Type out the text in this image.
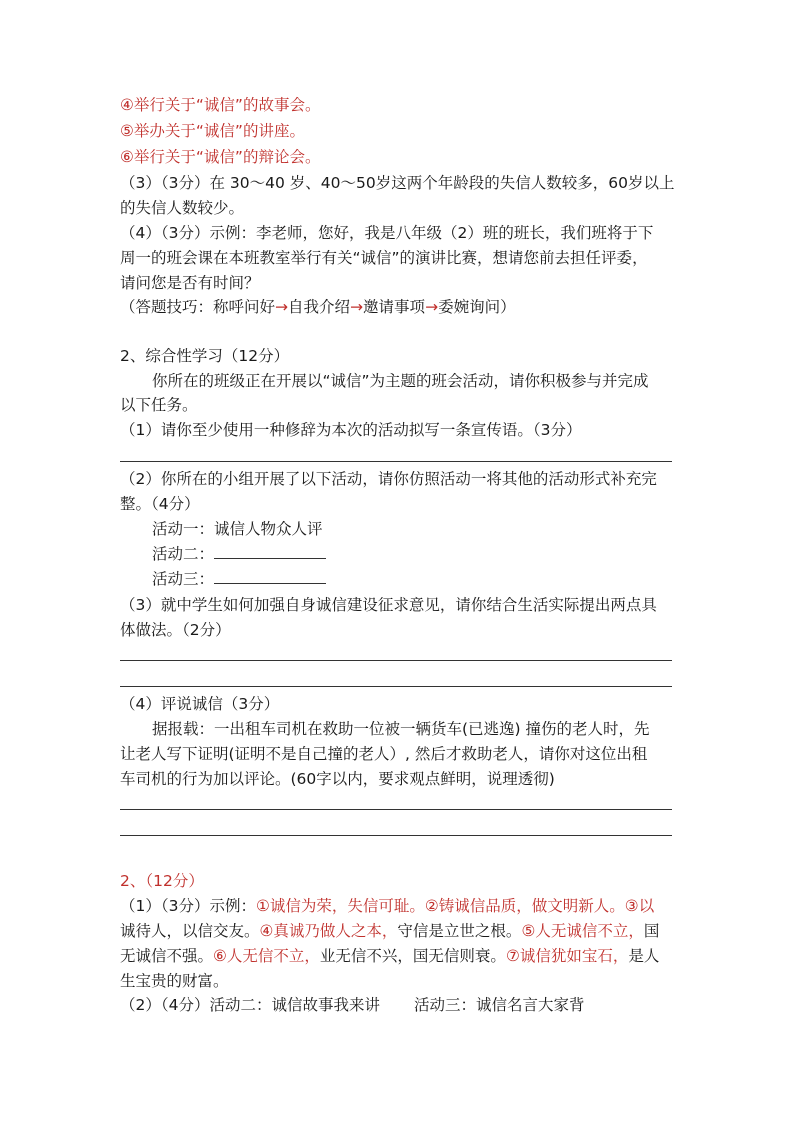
④举行关于“诚信”的故事会。
⑤举办关于“诚信”的讲座。
⑥举行关于“诚信”的辩论会。
（3）（3分）在 30～40 岁、40～50岁这两个年龄段的失信人数较多，60岁以上
的失信人数较少。
（4）（3分）示例：李老师，您好，我是八年级（2）班的班长，我们班将于下
周一的班会课在本班教室举行有关“诚信”的演讲比赛，想请您前去担任评委，
请问您是否有时间？
（答题技巧：称呼问好→自我介绍→邀请事项→委婉询问）
2、综合性学习（12分）
你所在的班级正在开展以“诚信”为主题的班会活动，请你积极参与并完成
以下任务。
（1）请你至少使用一种修辞为本次的活动拟写一条宣传语。（3分）
（2）你所在的小组开展了以下活动，请你仿照活动一将其他的活动形式补充完
整。（4分）
活动一：诚信人物众人评
活动二：
活动三：
（3）就中学生如何加强自身诚信建设征求意见，请你结合生活实际提出两点具
体做法。（2分）
（4）评说诚信（3分）
据报载：一出租车司机在救助一位被一辆货车(已逃逸) 撞伤的老人时，先
让老人写下证明(证明不是自己撞的老人）, 然后才救助老人，请你对这位出租
车司机的行为加以评论。(60字以内，要求观点鲜明，说理透彻)
2、（12分）
（1）（3分）示例：①诚信为荣，失信可耻。②铸诚信品质，做文明新人。③以
诚待人，以信交友。④真诚乃做人之本，守信是立世之根。⑤人无诚信不立，国
无诚信不强。⑥人无信不立，业无信不兴，国无信则衰。⑦诚信犹如宝石，是人
生宝贵的财富。
（2）（4分）活动二：诚信故事我来讲 活动三：诚信名言大家背
